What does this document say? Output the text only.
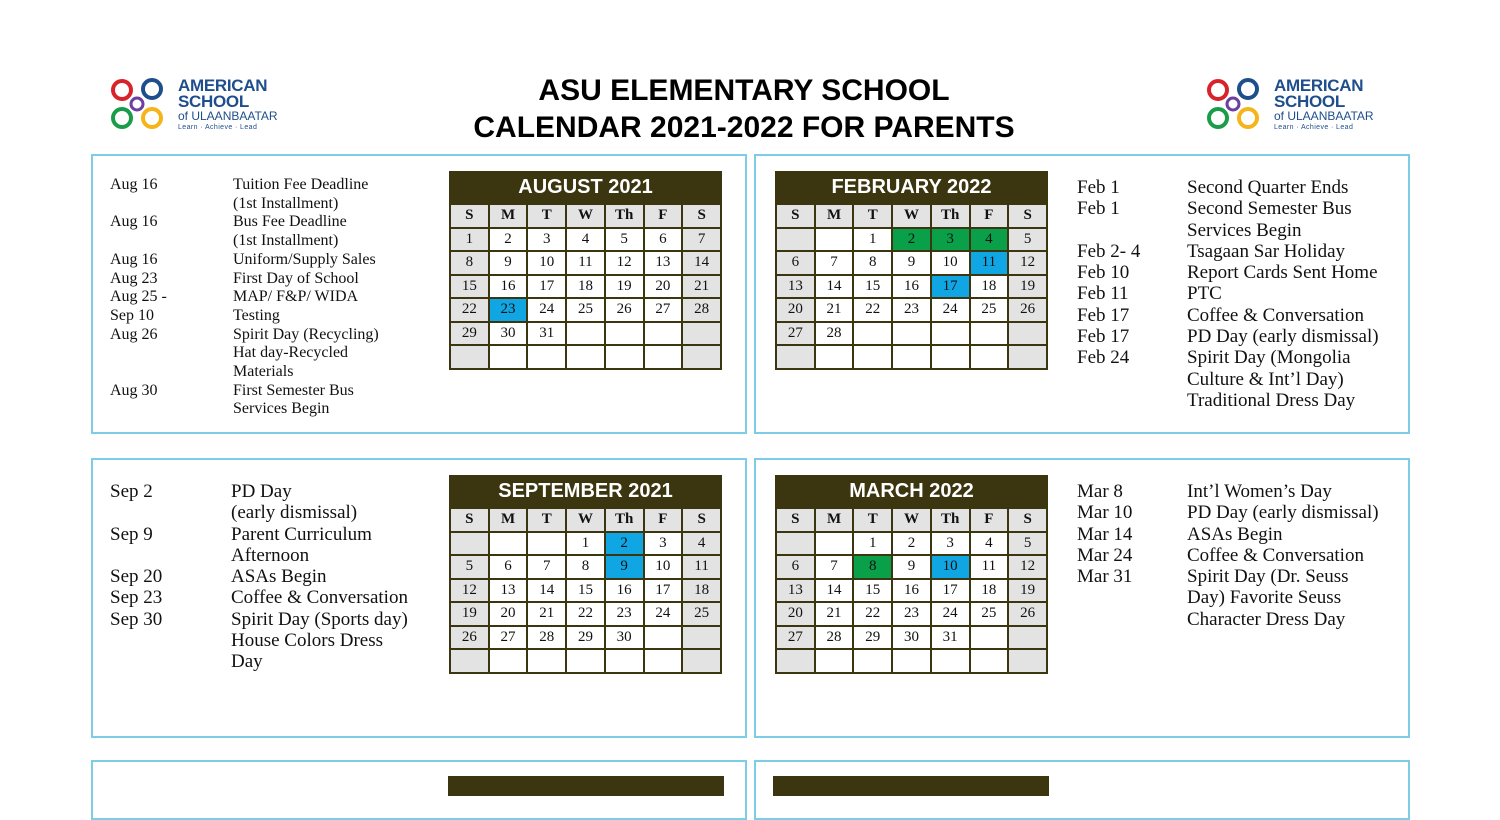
AMERICAN
SCHOOL
of ULAANBAATAR
Learn · Achieve · Lead
AMERICAN
SCHOOL
of ULAANBAATAR
Learn · Achieve · Lead
ASU ELEMENTARY SCHOOL
CALENDAR 2021-2022 FOR PARENTS
Aug 16	Tuition Fee Deadline
(1st Installment)
Aug 16	Bus Fee Deadline
(1st Installment)
Aug 16	Uniform/Supply Sales
Aug 23	First Day of School
Aug 25 -	MAP/ F&P/ WIDA
Sep 10	Testing
Aug 26	Spirit Day (Recycling)
Hat day-Recycled
Materials
Aug 30	First Semester Bus
Services Begin
Feb 1	Second Quarter Ends
Feb 1	Second Semester Bus
Services Begin
Feb 2- 4	Tsagaan Sar Holiday
Feb 10	Report Cards Sent Home
Feb 11	PTC
Feb 17	Coffee & Conversation
Feb 17	PD Day (early dismissal)
Feb 24	Spirit Day (Mongolia
Culture & Int’l Day)
Traditional Dress Day
Sep 2	PD Day
(early dismissal)
Sep 9	Parent Curriculum
Afternoon
Sep 20	ASAs Begin
Sep 23	Coffee & Conversation
Sep 30	Spirit Day (Sports day)
House Colors Dress
Day
Mar 8	Int’l Women’s Day
Mar 10	PD Day (early dismissal)
Mar 14	ASAs Begin
Mar 24	Coffee & Conversation
Mar 31	Spirit Day (Dr. Seuss
Day) Favorite Seuss
Character Dress Day
AUGUST 2021						
S	M	T	W	Th	F	S
1	2	3	4	5	6	7
8	9	10	11	12	13	14
15	16	17	18	19	20	21
22	23	24	25	26	27	28
29	30	31				

FEBRUARY 2022						
S	M	T	W	Th	F	S
		1	2	3	4	5
6	7	8	9	10	11	12
13	14	15	16	17	18	19
20	21	22	23	24	25	26
27	28					

SEPTEMBER 2021						
S	M	T	W	Th	F	S
			1	2	3	4
5	6	7	8	9	10	11
12	13	14	15	16	17	18
19	20	21	22	23	24	25
26	27	28	29	30		

MARCH 2022						
S	M	T	W	Th	F	S
		1	2	3	4	5
6	7	8	9	10	11	12
13	14	15	16	17	18	19
20	21	22	23	24	25	26
27	28	29	30	31		
